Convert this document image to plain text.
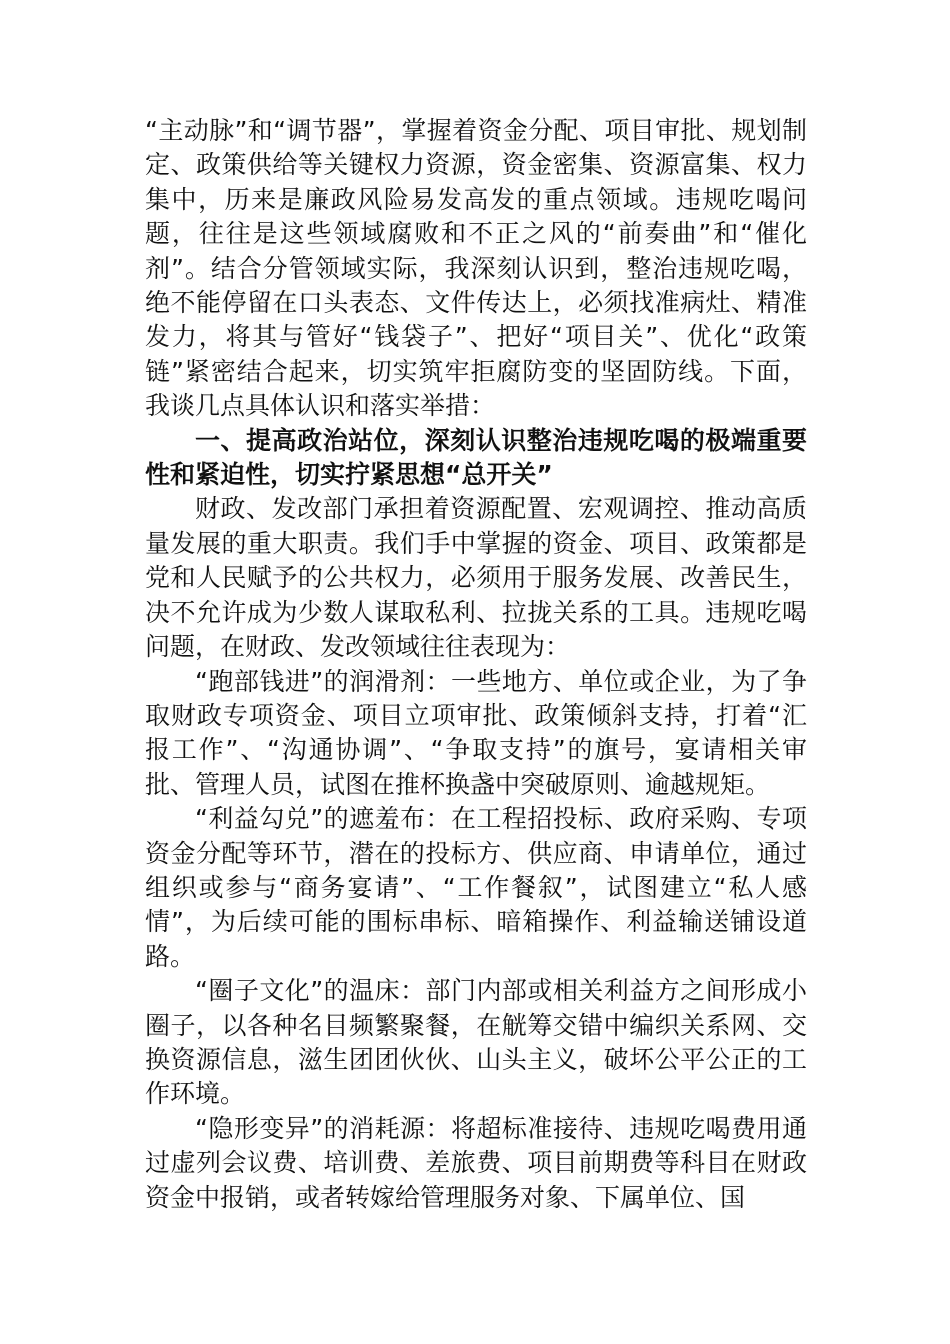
“主动脉”和“调节器”，掌握着资金分配、项目审批、规划制定、政策供给等关键权力资源，资金密集、资源富集、权力集中，历来是廉政风险易发高发的重点领域。违规吃喝问题，往往是这些领域腐败和不正之风的“前奏曲”和“催化剂”。结合分管领域实际，我深刻认识到，整治违规吃喝，绝不能停留在口头表态、文件传达上，必须找准病灶、精准发力，将其与管好“钱袋子”、把好“项目关”、优化“政策链”紧密结合起来，切实筑牢拒腐防变的坚固防线。下面，我谈几点具体认识和落实举措：

一、提高政治站位，深刻认识整治违规吃喝的极端重要性和紧迫性，切实拧紧思想“总开关”

财政、发改部门承担着资源配置、宏观调控、推动高质量发展的重大职责。我们手中掌握的资金、项目、政策都是党和人民赋予的公共权力，必须用于服务发展、改善民生，决不允许成为少数人谋取私利、拉拢关系的工具。违规吃喝问题，在财政、发改领域往往表现为：

“跑部钱进”的润滑剂：一些地方、单位或企业，为了争取财政专项资金、项目立项审批、政策倾斜支持，打着“汇报工作”、“沟通协调”、“争取支持”的旗号，宴请相关审批、管理人员，试图在推杯换盏中突破原则、逾越规矩。

“利益勾兑”的遮羞布：在工程招投标、政府采购、专项资金分配等环节，潜在的投标方、供应商、申请单位，通过组织或参与“商务宴请”、“工作餐叙”，试图建立“私人感情”，为后续可能的围标串标、暗箱操作、利益输送铺设道路。

“圈子文化”的温床：部门内部或相关利益方之间形成小圈子，以各种名目频繁聚餐，在觥筹交错中编织关系网、交换资源信息，滋生团团伙伙、山头主义，破坏公平公正的工作环境。

“隐形变异”的消耗源：将超标准接待、违规吃喝费用通过虚列会议费、培训费、差旅费、项目前期费等科目在财政资金中报销，或者转嫁给管理服务对象、下属单位、国
